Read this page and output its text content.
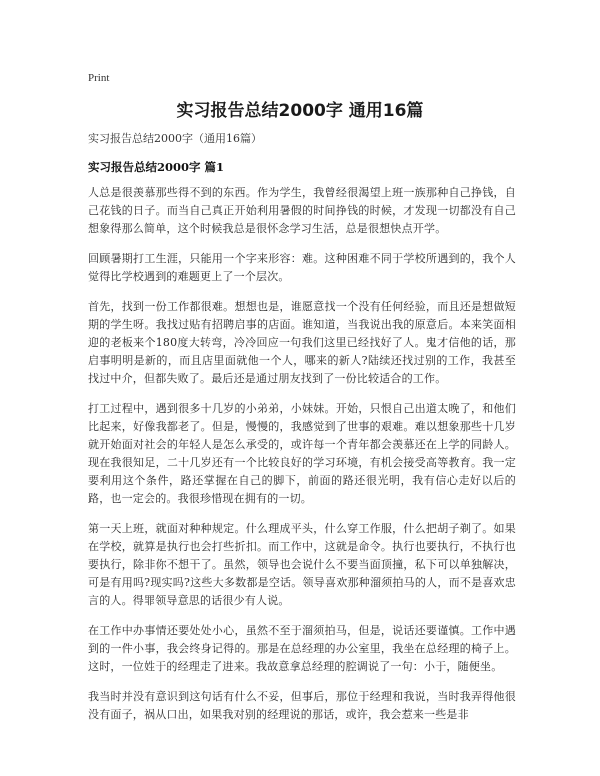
Print
实习报告总结2000字 通用16篇

实习报告总结2000字（通用16篇）

实习报告总结2000字 篇1

人总是很羡慕那些得不到的东西。作为学生，我曾经很渴望上班一族那种自己挣钱，自己花钱的日子。而当自己真正开始利用暑假的时间挣钱的时候，才发现一切都没有自己想象得那么简单，这个时候我总是很怀念学习生活，总是很想快点开学。

回顾暑期打工生涯，只能用一个字来形容：难。这种困难不同于学校所遇到的，我个人觉得比学校遇到的难题更上了一个层次。

首先，找到一份工作都很难。想想也是，谁愿意找一个没有任何经验，而且还是想做短期的学生呀。我找过贴有招聘启事的店面。谁知道，当我说出我的原意后。本来笑面相迎的老板来个180度大转弯，冷冷回应一句我们这里已经找好了人。鬼才信他的话，那启事明明是新的，而且店里面就他一个人，哪来的新人?陆续还找过别的工作，我甚至找过中介，但都失败了。最后还是通过朋友找到了一份比较适合的工作。

打工过程中，遇到很多十几岁的小弟弟，小妹妹。开始，只恨自己出道太晚了，和他们比起来，好像我都老了。但是，慢慢的，我感觉到了世事的艰难。难以想象那些十几岁就开始面对社会的年轻人是怎么承受的，或许每一个青年都会羡慕还在上学的同龄人。现在我很知足，二十几岁还有一个比较良好的学习环境，有机会接受高等教育。我一定要利用这个条件，路还掌握在自己的脚下，前面的路还很光明，我有信心走好以后的路，也一定会的。我很珍惜现在拥有的一切。

第一天上班，就面对种种规定。什么理成平头，什么穿工作服，什么把胡子剃了。如果在学校，就算是执行也会打些折扣。而工作中，这就是命令。执行也要执行，不执行也要执行，除非你不想干了。虽然，领导也会说什么不要当面顶撞，私下可以单独解决，可是有用吗?现实吗?这些大多数都是空话。领导喜欢那种溜须拍马的人，而不是喜欢忠言的人。得罪领导意思的话很少有人说。

在工作中办事情还要处处小心，虽然不至于溜须拍马，但是，说话还要谨慎。工作中遇到的一件小事，我会终身记得的。那是在总经理的办公室里，我坐在总经理的椅子上。这时，一位姓于的经理走了进来。我故意拿总经理的腔调说了一句：小于，随便坐。

我当时并没有意识到这句话有什么不妥，但事后，那位于经理和我说，当时我弄得他很没有面子，祸从口出，如果我对别的经理说的那话，或许，我会惹来一些是非
